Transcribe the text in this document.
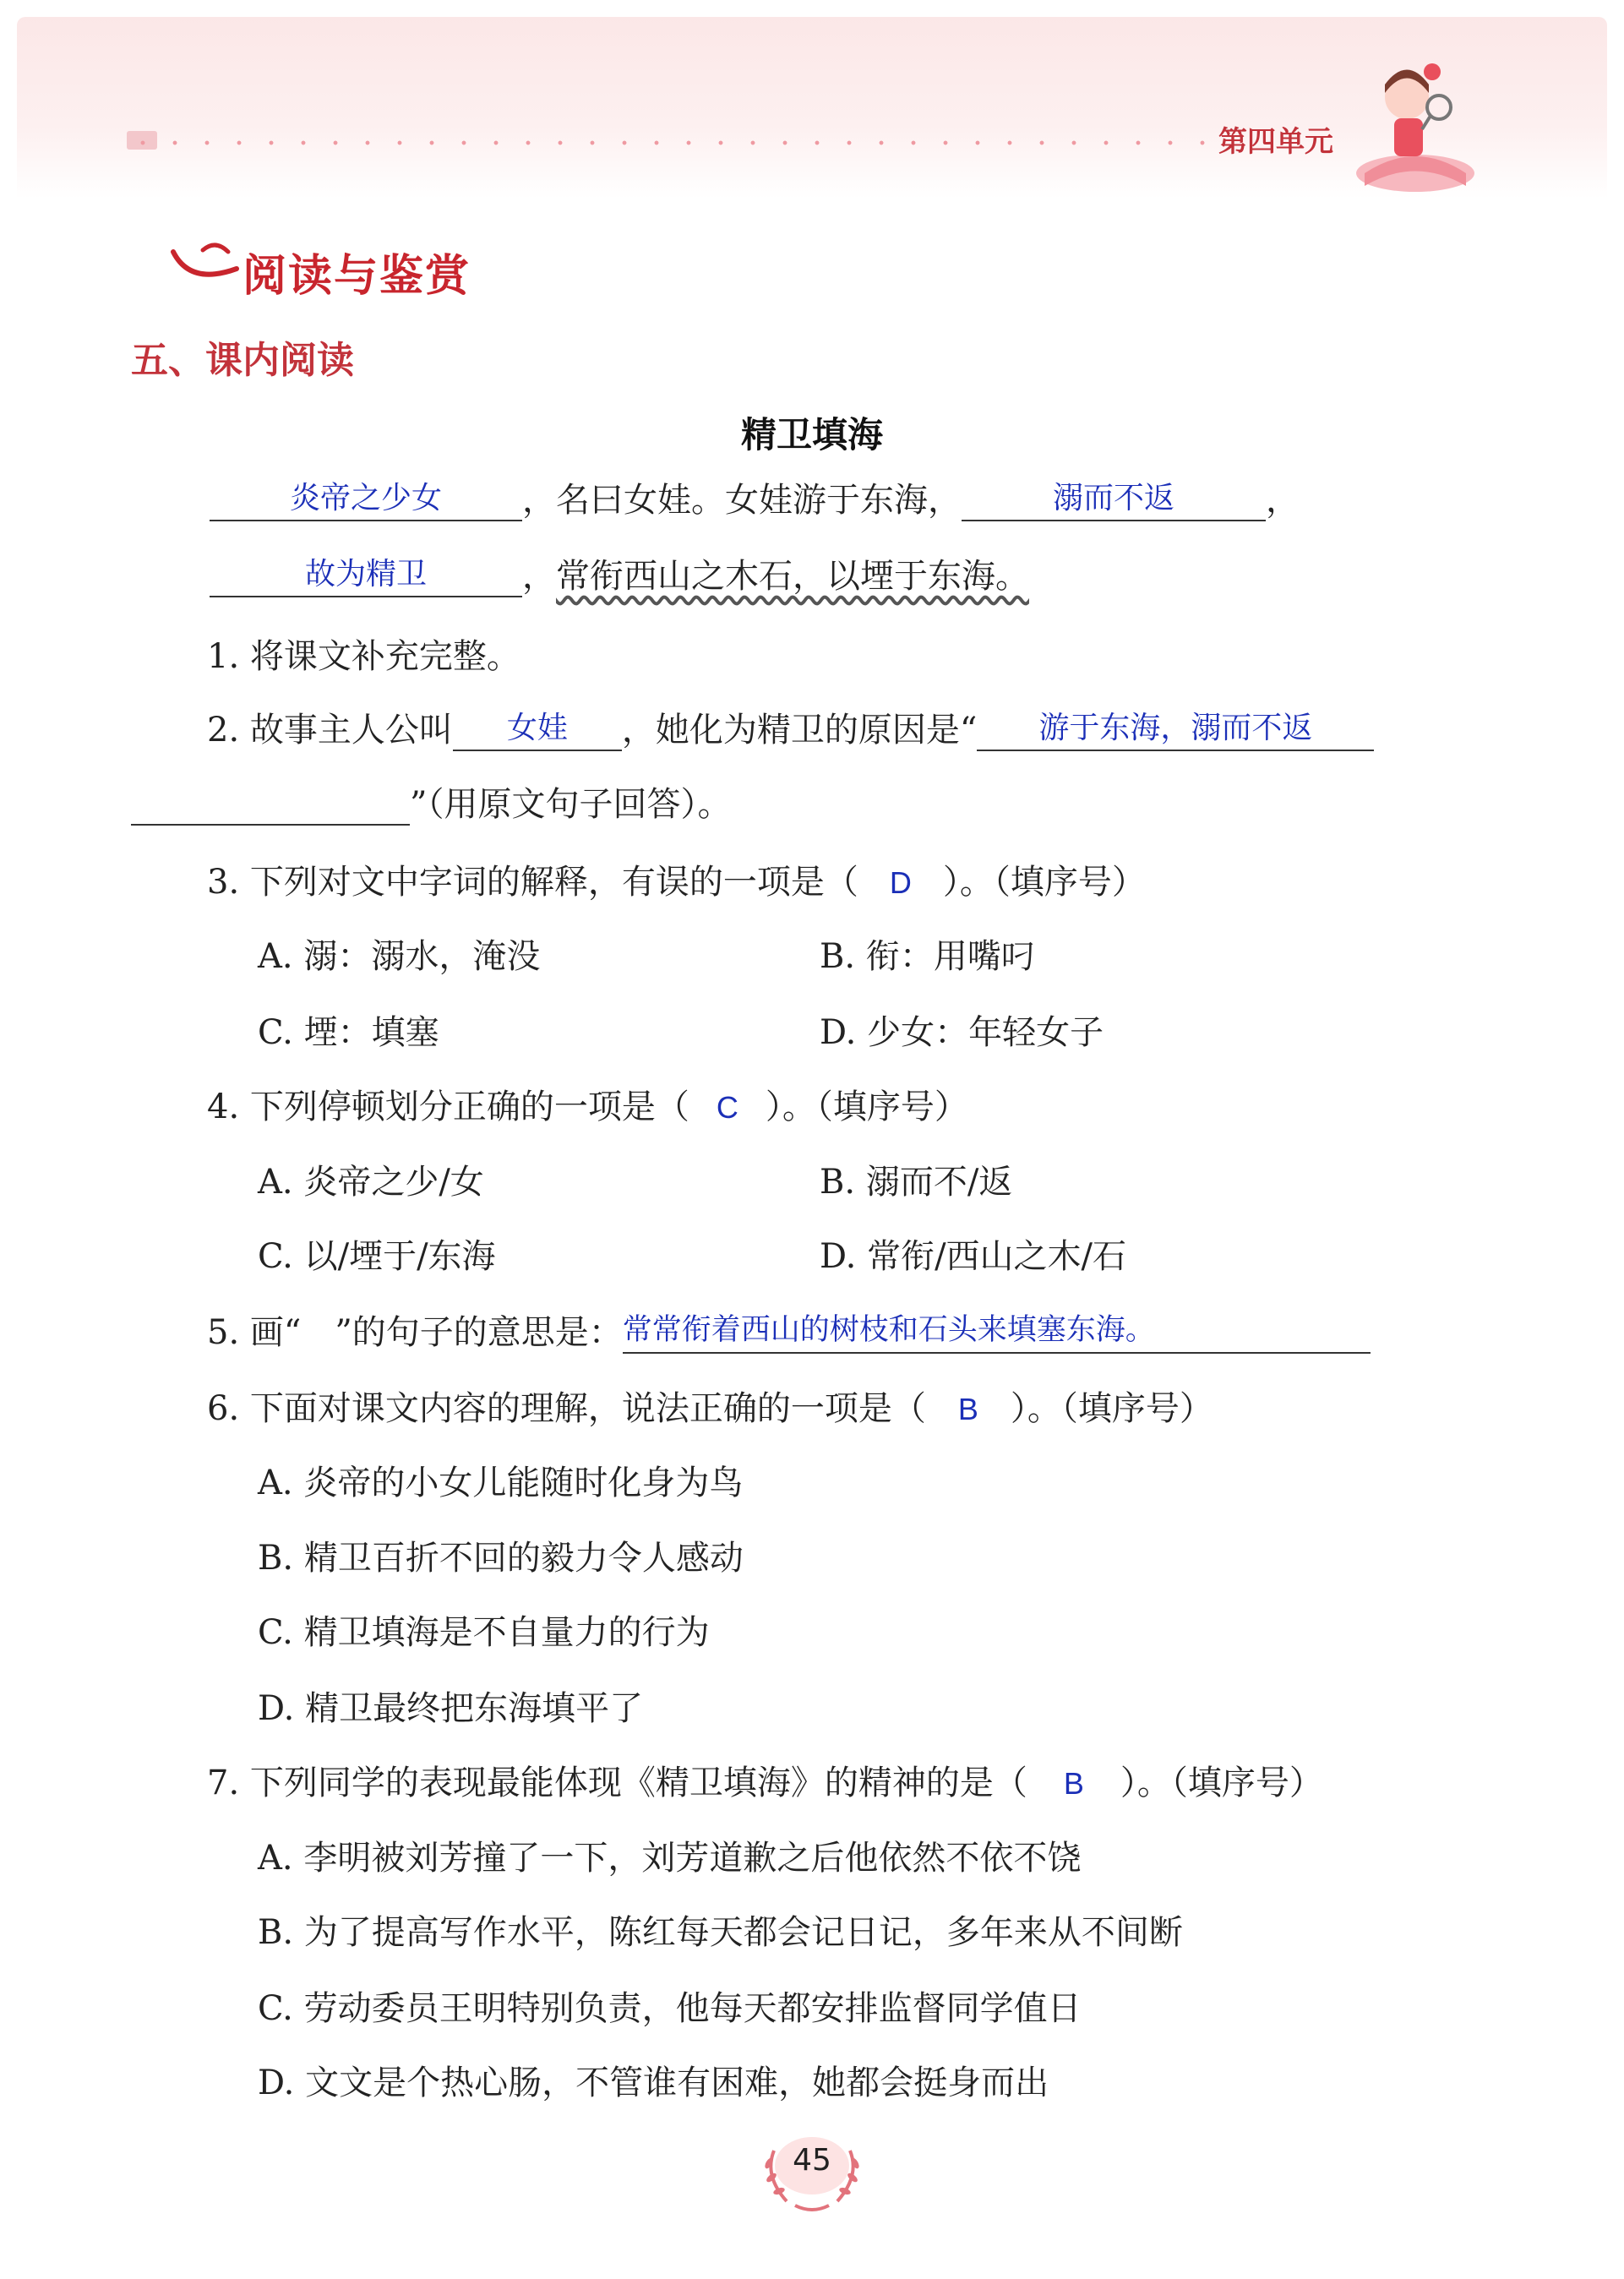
第四单元
阅读与鉴赏
五、课内阅读
精卫填海
炎帝之少女 ，名曰女娃。女娃游于东海，	溺而不返	，
故为精卫	，常衔西山之木石，以堙于东海。
1. 将课文补充完整。
2. 故事主人公叫 女娃 ，她化为精卫的原因是“ 游于东海，溺而不返
”（用原文句子回答）。
3. 下列对文中字词的解释，有误的一项是（ D ）。（填序号）
A. 溺：溺水，淹没	B. 衔：用嘴叼
C. 堙：填塞	D. 少女：年轻女子
4. 下列停顿划分正确的一项是（ C ）。（填序号）
A. 炎帝之少/女	B. 溺而不/返
C. 以/堙于/东海	D. 常衔/西山之木/石
5. 画“ ”的句子的意思是：常常衔着西山的树枝和石头来填塞东海。
6. 下面对课文内容的理解，说法正确的一项是（ B ）。（填序号）
A. 炎帝的小女儿能随时化身为鸟
B. 精卫百折不回的毅力令人感动
C. 精卫填海是不自量力的行为
D. 精卫最终把东海填平了
7. 下列同学的表现最能体现《精卫填海》的精神的是（ B ）。（填序号）
A. 李明被刘芳撞了一下，刘芳道歉之后他依然不依不饶
B. 为了提高写作水平，陈红每天都会记日记，多年来从不间断
C. 劳动委员王明特别负责，他每天都安排监督同学值日
D. 文文是个热心肠，不管谁有困难，她都会挺身而出
45
